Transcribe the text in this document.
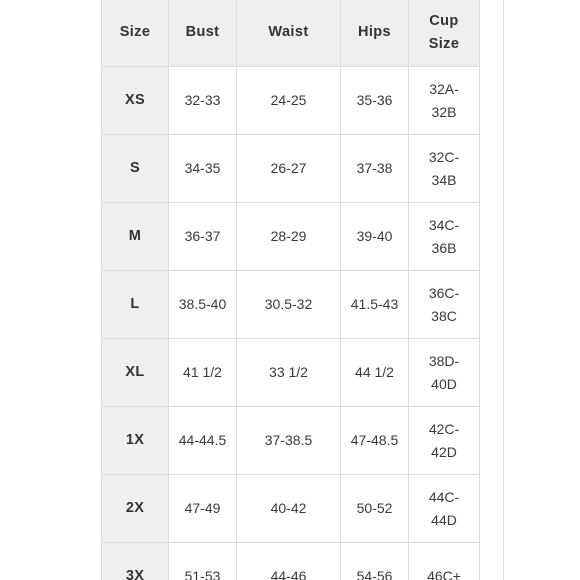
Size	Bust	Waist	Hips	Cup
Size

XS	32-33	24-25	35-36	32A-
32B

S	34-35	26-27	37-38	32C-
34B

M	36-37	28-29	39-40	34C-
36B

L	38.5-40	30.5-32	41.5-43	36C-
38C

XL	41 1/2	33 1/2	44 1/2	38D-
40D

1X	44-44.5	37-38.5	47-48.5	42C-
42D

2X	47-49	40-42	50-52	44C-
44D

3X	51-53	44-46	54-56	46C+
